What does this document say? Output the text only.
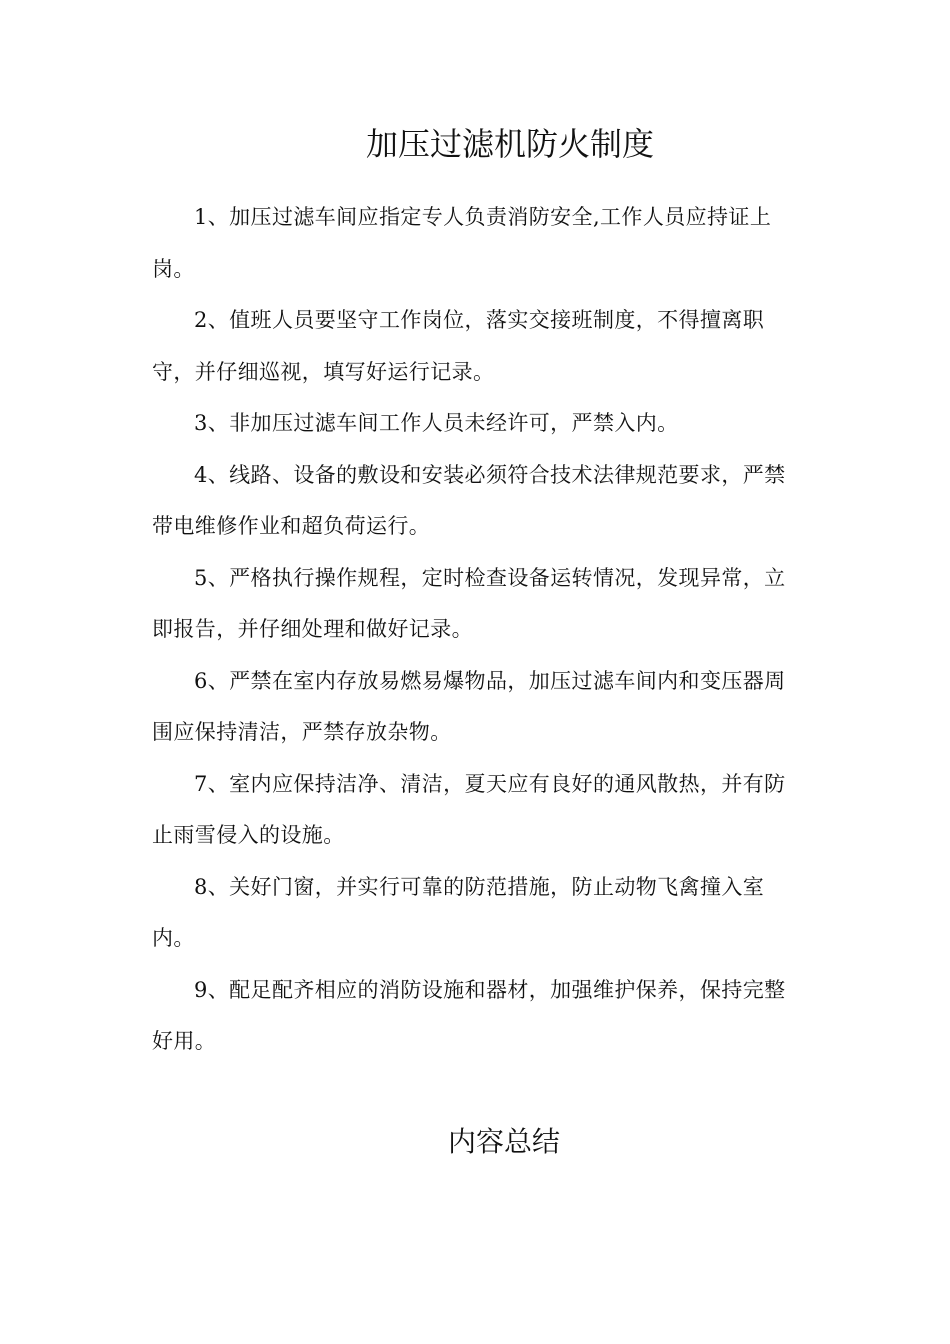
加压过滤机防火制度

1、加压过滤车间应指定专人负责消防安全,工作人员应持证上岗。

2、值班人员要坚守工作岗位，落实交接班制度，不得擅离职守，并仔细巡视，填写好运行记录。

3、非加压过滤车间工作人员未经许可，严禁入内。

4、线路、设备的敷设和安装必须符合技术法律规范要求，严禁带电维修作业和超负荷运行。

5、严格执行操作规程，定时检查设备运转情况，发现异常，立即报告，并仔细处理和做好记录。

6、严禁在室内存放易燃易爆物品，加压过滤车间内和变压器周围应保持清洁，严禁存放杂物。

7、室内应保持洁净、清洁，夏天应有良好的通风散热，并有防止雨雪侵入的设施。

8、关好门窗，并实行可靠的防范措施，防止动物飞禽撞入室内。

9、配足配齐相应的消防设施和器材，加强维护保养，保持完整好用。

内容总结
